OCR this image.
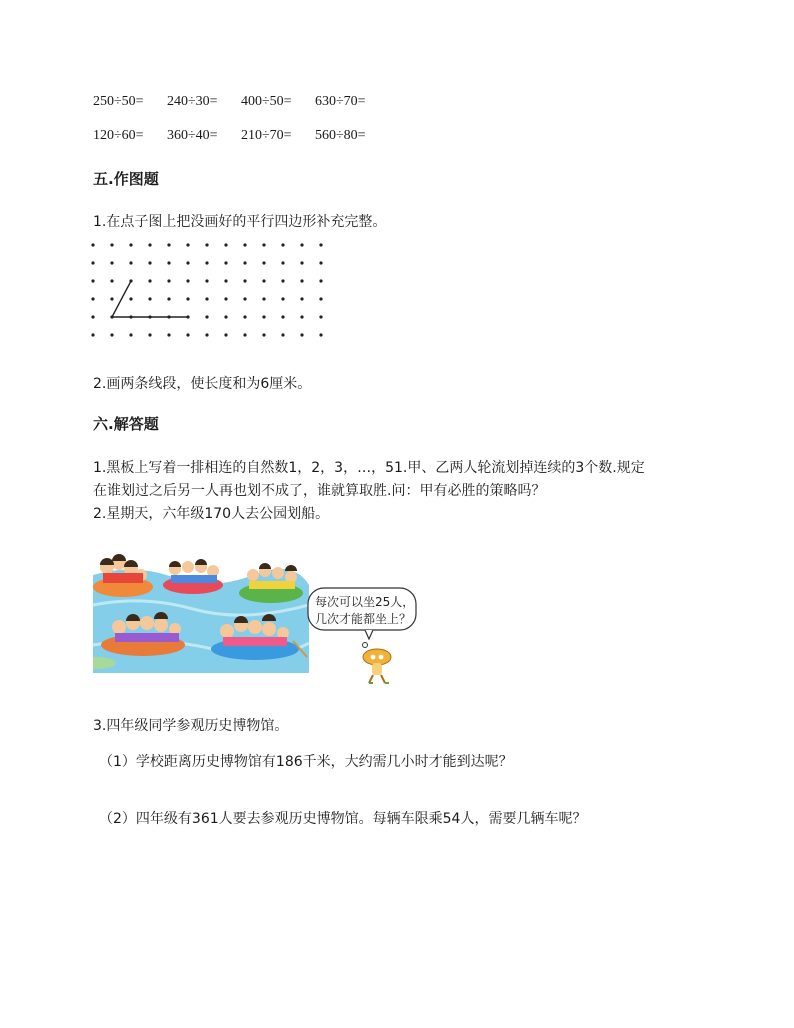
250÷50= 240÷30= 400÷50= 630÷70=
120÷60= 360÷40= 210÷70= 560÷80=
五.作图题
1.在点子图上把没画好的平行四边形补充完整。
2.画两条线段，使长度和为6厘米。
六.解答题
1.黑板上写着一排相连的自然数1，2，3，…，51.甲、乙两人轮流划掉连续的3个数.规定
在谁划过之后另一人再也划不成了，谁就算取胜.问：甲有必胜的策略吗？
2.星期天，六年级170人去公园划船。
每次可以坐25人，
几次才能都坐上？
3.四年级同学参观历史博物馆。
（1）学校距离历史博物馆有186千米，大约需几小时才能到达呢？
（2）四年级有361人要去参观历史博物馆。每辆车限乘54人，需要几辆车呢？
